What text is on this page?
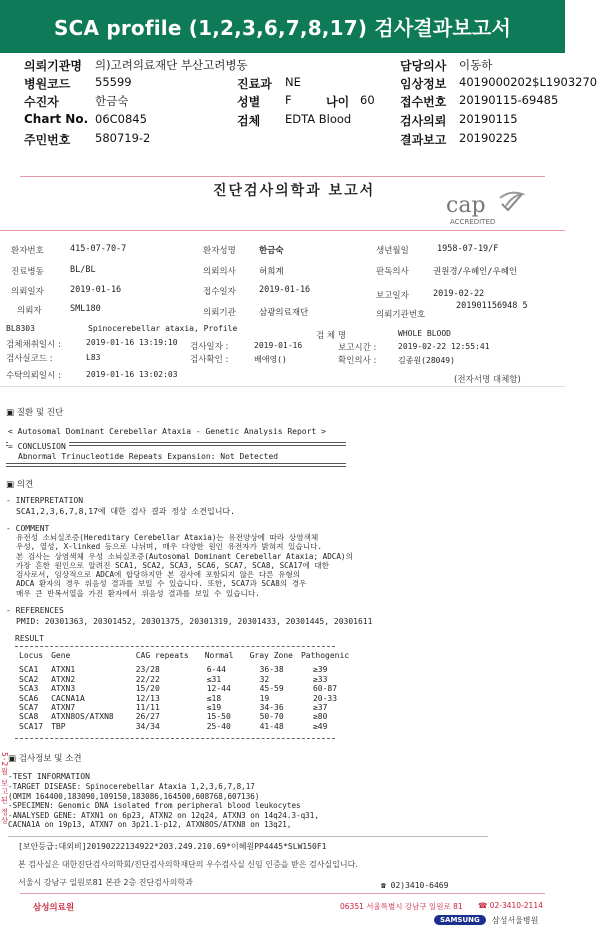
SCA profile (1,2,3,6,7,8,17) 검사결과보고서
의뢰기관명 의)고려의료재단 부산고려병동	담당의사 이동하
병원코드 55599	진료과 NE	임상정보 4019000202$L1903270
수진자	한금숙	성별 F	나이 60 접수번호 20190115-69485
Chart No. 06C0845	검체 EDTA Blood	검사의뢰 20190115
주민번호 580719-2	결과보고 20190225
진단검사의학과 보고서
cap
ACCREDITED
환자번호	415-07-70-7	환자성명	한금숙	생년월일	1958-07-19/F
진료병동	BL/BL	의뢰의사	허희계	판독의사	권원경/우혜인/우혜인
의뢰일자	2019-01-16	접수일자	2019-01-16
보고일자	2019-02-22
의뢰자	SML180	의뢰기관	삼광의료재단	의뢰기관번호
201901156948 5
BL8303	Spinocerebellar ataxia, Profile
검 체 명	WHOLE BLOOD
검체채취일시 :	2019-01-16 13:19:10 검사일자 :	2019-01-16	보고시간 :	2019-02-22 12:55:41
검사실코드 :	L83	검사확인 :	배애영()	확인의사 :	김종원(28049)
수탁의뢰일시 :	2019-01-16 13:02:03
(전자서명 대체함)
▣ 질환 및 진단
< Autosomal Dominant Cerebellar Ataxia - Genetic Analysis Report >
= CONCLUSION
Abnormal Trinucleotide Repeats Expansion: Not Detected
▣ 의견
- INTERPRETATION
SCA1,2,3,6,7,8,17에 대한 검사 결과 정상 소견입니다.
- COMMENT
유전성 소뇌실조증(Hereditary Cerebellar Ataxia)는 유전양상에 따라 상염색체
우성, 열성, X-linked 등으로 나뉘며, 매우 다양한 원인 유전자가 밝혀져 있습니다.
본 검사는 상염색체 우성 소뇌실조증(Autosomal Dominant Cerebellar Ataxia; ADCA)의
가장 흔한 원인으로 알려진 SCA1, SCA2, SCA3, SCA6, SCA7, SCA8, SCA17에 대한
검사로서, 임상적으로 ADCA에 합당하지만 본 검사에 포함되지 않은 다른 유형의
ADCA 환자의 경우 위음성 결과를 보일 수 있습니다. 또한, SCA7과 SCA8의 경우
매우 큰 반복서열을 가진 환자에서 위음성 결과를 보일 수 있습니다.
- REFERENCES
PMID: 20301363, 20301452, 20301375, 20301319, 20301433, 20301445, 20301611
RESULT
Locus	Gene	CAG repeats	Normal	Gray Zone	Pathogenic

SCA1	ATXN1	23/28	6-44	36-38	≥39
SCA2	ATXN2	22/22	≤31	32	≥33
SCA3	ATXN3	15/20	12-44	45-59	60-87
SCA6	CACNA1A	12/13	≤18	19	20-33
SCA7	ATXN7	11/11	≤19	34-36	≥37
SCA8	ATXN8OS/ATXN8	26/27	15-50	50-70	≥80
SCA17	TBP	34/34	25-40	41-48	≥49
▣ 검사정보 및 소견
-TEST INFORMATION
-TARGET DISEASE: Spinocerebellar Ataxia 1,2,3,6,7,8,17
(OMIM 164400,183090,109150,183086,164500,608768,607136)
-SPECIMEN: Genomic DNA isolated from peripheral blood leukocytes
-ANALYSED GENE: ATXN1 on 6p23, ATXN2 on 12q24, ATXN3 on 14q24.3-q31,
CACNA1A on 19p13, ATXN7 on 3p21.1-p12, ATXN8OS/ATXN8 on 13q21,
[보안등급:대외비]20190222134922*203.249.210.69*이혜원PP4445*SLW150F1
본 검사실은 대한진단검사의학회/진단검사의학재단의 우수검사실 신임 인증을 받은 검사실입니다.
서울시 강남구 일원로81 본관 2층 진단검사의학과	☎ 02)3410-6469
5-2월 보고된 정상
삼성의료원	06351 서울특별시 강남구 일원로 81 ☎ 02-3410-2114
SAMSUNG	삼성서울병원
